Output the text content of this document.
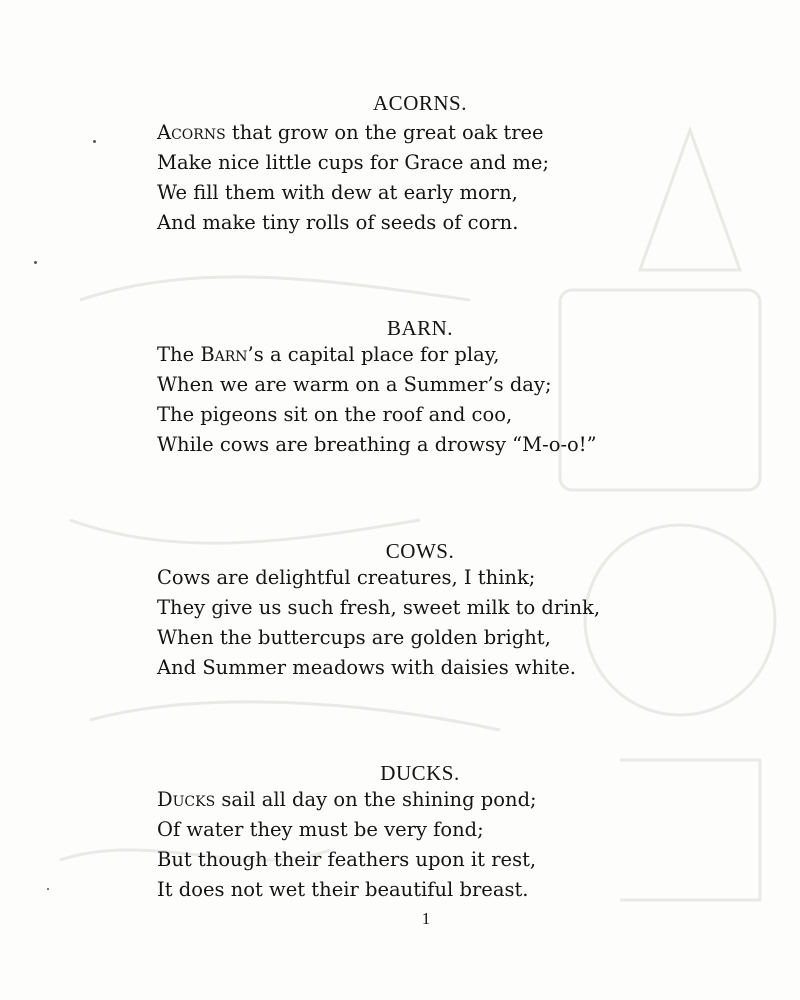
ACORNS.
Acorns that grow on the great oak tree
Make nice little cups for Grace and me;
We fill them with dew at early morn,
And make tiny rolls of seeds of corn.
BARN.
The Barn’s a capital place for play,
When we are warm on a Summer’s day;
The pigeons sit on the roof and coo,
While cows are breathing a drowsy “M-o-o!”
COWS.
Cows are delightful creatures, I think;
They give us such fresh, sweet milk to drink,
When the buttercups are golden bright,
And Summer meadows with daisies white.
DUCKS.
Ducks sail all day on the shining pond;
Of water they must be very fond;
But though their feathers upon it rest,
It does not wet their beautiful breast.
1
